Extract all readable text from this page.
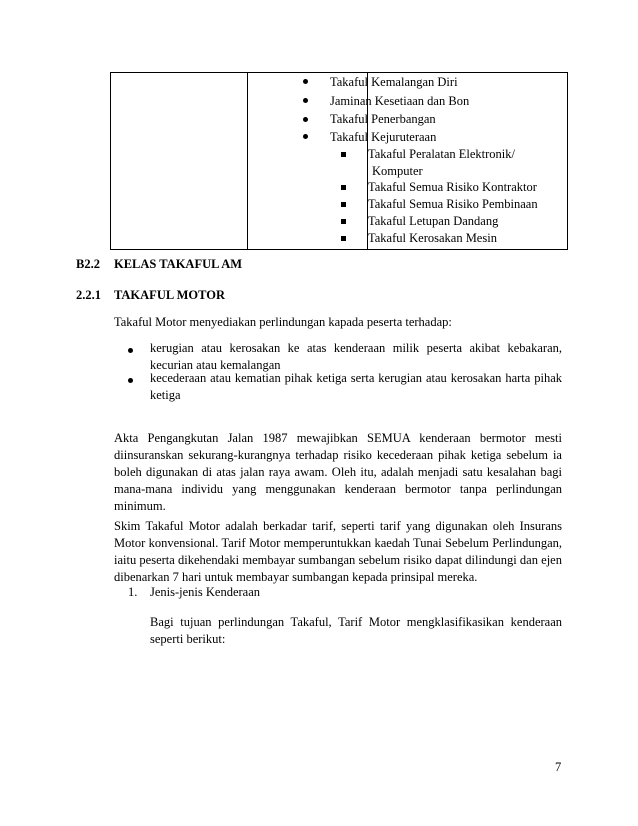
Takaful Kemalangan Diri
Jaminan Kesetiaan dan Bon
Takaful Penerbangan
Takaful Kejuruteraan
Takaful Peralatan Elektronik/
Komputer
Takaful Semua Risiko Kontraktor
Takaful Semua Risiko Pembinaan
Takaful Letupan Dandang
Takaful Kerosakan Mesin
B2.2 KELAS TAKAFUL AM
2.2.1 TAKAFUL MOTOR
Takaful Motor menyediakan perlindungan kapada peserta terhadap:
kerugian atau kerosakan ke atas kenderaan milik peserta akibat kebakaran, kecurian atau kemalangan
kecederaan atau kematian pihak ketiga serta kerugian atau kerosakan harta pihak ketiga
Akta Pengangkutan Jalan 1987 mewajibkan SEMUA kenderaan bermotor mesti diinsuranskan sekurang-kurangnya terhadap risiko kecederaan pihak ketiga sebelum ia boleh digunakan di atas jalan raya awam. Oleh itu, adalah menjadi satu kesalahan bagi mana-mana individu yang menggunakan kenderaan bermotor tanpa perlindungan minimum.
Skim Takaful Motor adalah berkadar tarif, seperti tarif yang digunakan oleh Insurans Motor konvensional. Tarif Motor memperuntukkan kaedah Tunai Sebelum Perlindungan, iaitu peserta dikehendaki membayar sumbangan sebelum risiko dapat dilindungi dan ejen dibenarkan 7 hari untuk membayar sumbangan kepada prinsipal mereka.
1. Jenis-jenis Kenderaan
Bagi tujuan perlindungan Takaful, Tarif Motor mengklasifikasikan kenderaan seperti berikut:
7
